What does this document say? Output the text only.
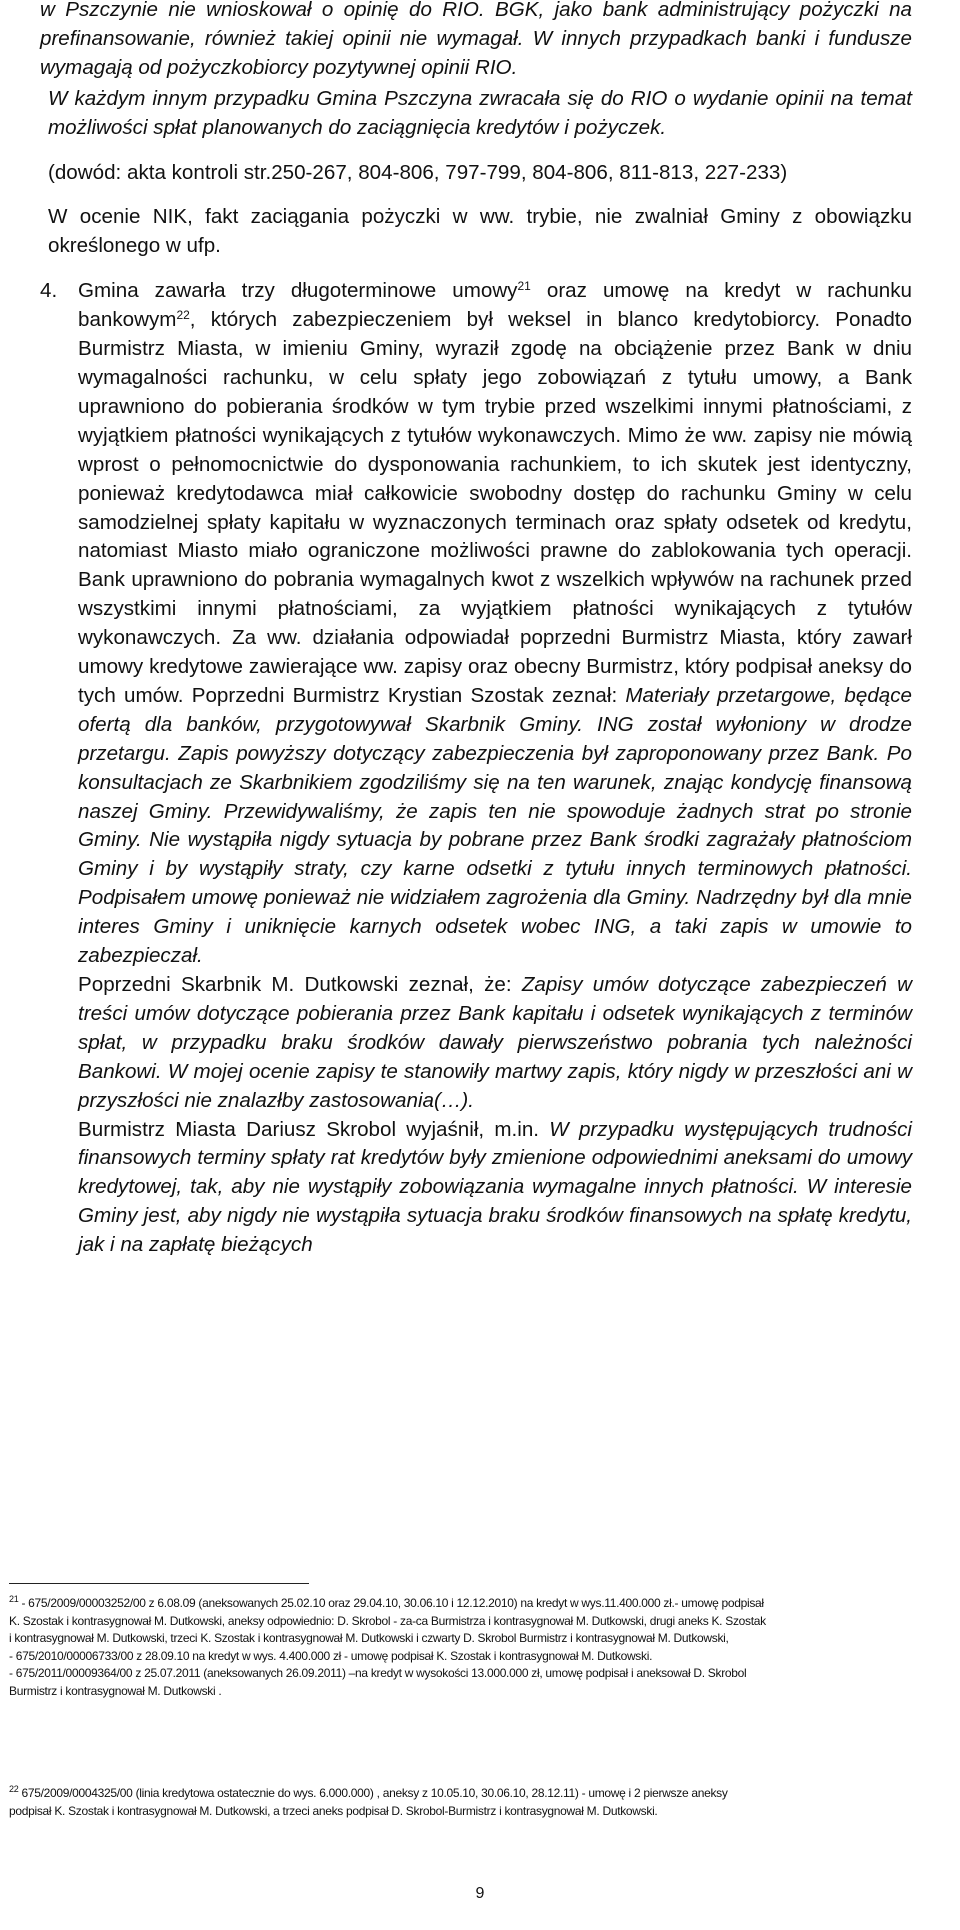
w Pszczynie nie wnioskował o opinię do RIO. BGK, jako bank administrujący pożyczki na prefinansowanie, również takiej opinii nie wymagał. W innych przypadkach banki i fundusze wymagają od pożyczkobiorcy pozytywnej opinii RIO.

W każdym innym przypadku Gmina Pszczyna zwracała się do RIO o wydanie opinii na temat możliwości spłat planowanych do zaciągnięcia kredytów i pożyczek.

(dowód: akta kontroli str.250-267, 804-806, 797-799, 804-806, 811-813, 227-233)

W ocenie NIK, fakt zaciągania pożyczki w ww. trybie, nie zwalniał Gminy z obowiązku określonego w ufp.

4.	Gmina zawarła trzy długoterminowe umowy$^{21}$ oraz umowę na kredyt w rachunku bankowym$^{22}$, których zabezpieczeniem był weksel in blanco kredytobiorcy. Ponadto Burmistrz Miasta, w imieniu Gminy, wyraził zgodę na obciążenie przez Bank w dniu wymagalności rachunku, w celu spłaty jego zobowiązań z tytułu umowy, a Bank uprawniono do pobierania środków w tym trybie przed wszelkimi innymi płatnościami, z wyjątkiem płatności wynikających z tytułów wykonawczych. Mimo że ww. zapisy nie mówią wprost o pełnomocnictwie do dysponowania rachunkiem, to ich skutek jest identyczny, ponieważ kredytodawca miał całkowicie swobodny dostęp do rachunku Gminy w celu samodzielnej spłaty kapitału w wyznaczonych terminach oraz spłaty odsetek od kredytu, natomiast Miasto miało ograniczone możliwości prawne do zablokowania tych operacji. Bank uprawniono do pobrania wymagalnych kwot z wszelkich wpływów na rachunek przed wszystkimi innymi płatnościami, za wyjątkiem płatności wynikających z tytułów wykonawczych. Za ww. działania odpowiadał poprzedni Burmistrz Miasta, który zawarł umowy kredytowe zawierające ww. zapisy oraz obecny Burmistrz, który podpisał aneksy do tych umów. Poprzedni Burmistrz Krystian Szostak zeznał: Materiały przetargowe, będące ofertą dla banków, przygotowywał Skarbnik Gminy. ING został wyłoniony w drodze przetargu. Zapis powyższy dotyczący zabezpieczenia był zaproponowany przez Bank. Po konsultacjach ze Skarbnikiem zgodziliśmy się na ten warunek, znając kondycję finansową naszej Gminy. Przewidywaliśmy, że zapis ten nie spowoduje żadnych strat po stronie Gminy. Nie wystąpiła nigdy sytuacja by pobrane przez Bank środki zagrażały płatnościom Gminy i by wystąpiły straty, czy karne odsetki z tytułu innych terminowych płatności. Podpisałem umowę ponieważ nie widziałem zagrożenia dla Gminy. Nadrzędny był dla mnie interes Gminy i uniknięcie karnych odsetek wobec ING, a taki zapis w umowie to zabezpieczał.

Poprzedni Skarbnik M. Dutkowski zeznał, że: Zapisy umów dotyczące zabezpieczeń w treści umów dotyczące pobierania przez Bank kapitału i odsetek wynikających z terminów spłat, w przypadku braku środków dawały pierwszeństwo pobrania tych należności Bankowi. W mojej ocenie zapisy te stanowiły martwy zapis, który nigdy w przeszłości ani w przyszłości nie znalazłby zastosowania(…).

Burmistrz Miasta Dariusz Skrobol wyjaśnił, m.in. W przypadku występujących trudności finansowych terminy spłaty rat kredytów były zmienione odpowiednimi aneksami do umowy kredytowej, tak, aby nie wystąpiły zobowiązania wymagalne innych płatności. W interesie Gminy jest, aby nigdy nie wystąpiła sytuacja braku środków finansowych na spłatę kredytu, jak i na zapłatę bieżących

$^{21}$ - 675/2009/00003252/00 z 6.08.09 (aneksowanych 25.02.10 oraz 29.04.10, 30.06.10 i 12.12.2010) na kredyt w wys.11.400.000 zł.- umowę podpisał

K. Szostak i kontrasygnował M. Dutkowski, aneksy odpowiednio: D. Skrobol - za-ca Burmistrza i kontrasygnował M. Dutkowski, drugi aneks K. Szostak

i kontrasygnował M. Dutkowski, trzeci K. Szostak i kontrasygnował M. Dutkowski i czwarty D. Skrobol Burmistrz i kontrasygnował M. Dutkowski,

- 675/2010/00006733/00 z 28.09.10 na kredyt w wys. 4.400.000 zł - umowę podpisał K. Szostak i kontrasygnował M. Dutkowski.

- 675/2011/00009364/00 z 25.07.2011 (aneksowanych 26.09.2011) –na kredyt w wysokości 13.000.000 zł, umowę podpisał i aneksował D. Skrobol

Burmistrz i kontrasygnował M. Dutkowski .

$^{22}$ 675/2009/0004325/00 (linia kredytowa ostatecznie do wys. 6.000.000) , aneksy z 10.05.10, 30.06.10, 28.12.11) - umowę i 2 pierwsze aneksy

podpisał K. Szostak i kontrasygnował M. Dutkowski, a trzeci aneks podpisał D. Skrobol-Burmistrz i kontrasygnował M. Dutkowski.

9
